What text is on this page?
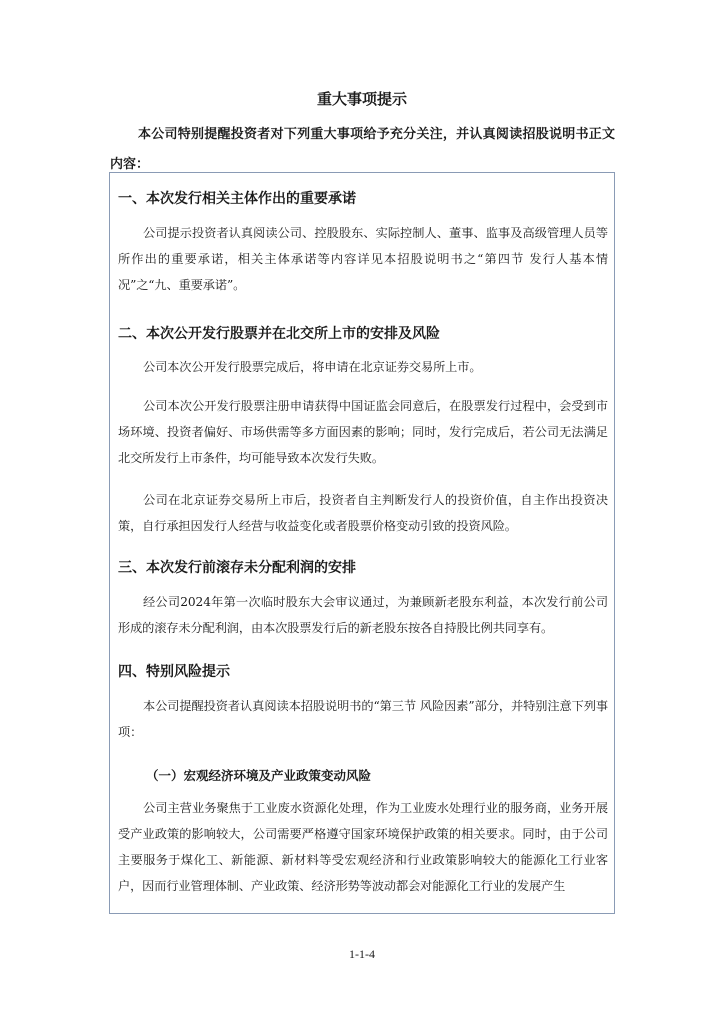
重大事项提示
本公司特别提醒投资者对下列重大事项给予充分关注，并认真阅读招股说明书正文内容：
一、本次发行相关主体作出的重要承诺

公司提示投资者认真阅读公司、控股股东、实际控制人、董事、监事及高级管理人员等所作出的重要承诺，相关主体承诺等内容详见本招股说明书之“第四节 发行人基本情况”之“九、重要承诺”。

二、本次公开发行股票并在北交所上市的安排及风险

公司本次公开发行股票完成后，将申请在北京证券交易所上市。

公司本次公开发行股票注册申请获得中国证监会同意后，在股票发行过程中，会受到市场环境、投资者偏好、市场供需等多方面因素的影响；同时，发行完成后，若公司无法满足北交所发行上市条件，均可能导致本次发行失败。

公司在北京证券交易所上市后，投资者自主判断发行人的投资价值，自主作出投资决策，自行承担因发行人经营与收益变化或者股票价格变动引致的投资风险。

三、本次发行前滚存未分配利润的安排

经公司2024年第一次临时股东大会审议通过，为兼顾新老股东利益，本次发行前公司形成的滚存未分配利润，由本次股票发行后的新老股东按各自持股比例共同享有。

四、特别风险提示

本公司提醒投资者认真阅读本招股说明书的“第三节 风险因素”部分，并特别注意下列事项：

（一）宏观经济环境及产业政策变动风险

公司主营业务聚焦于工业废水资源化处理，作为工业废水处理行业的服务商，业务开展受产业政策的影响较大，公司需要严格遵守国家环境保护政策的相关要求。同时，由于公司主要服务于煤化工、新能源、新材料等受宏观经济和行业政策影响较大的能源化工行业客户，因而行业管理体制、产业政策、经济形势等波动都会对能源化工行业的发展产生

1-1-4
